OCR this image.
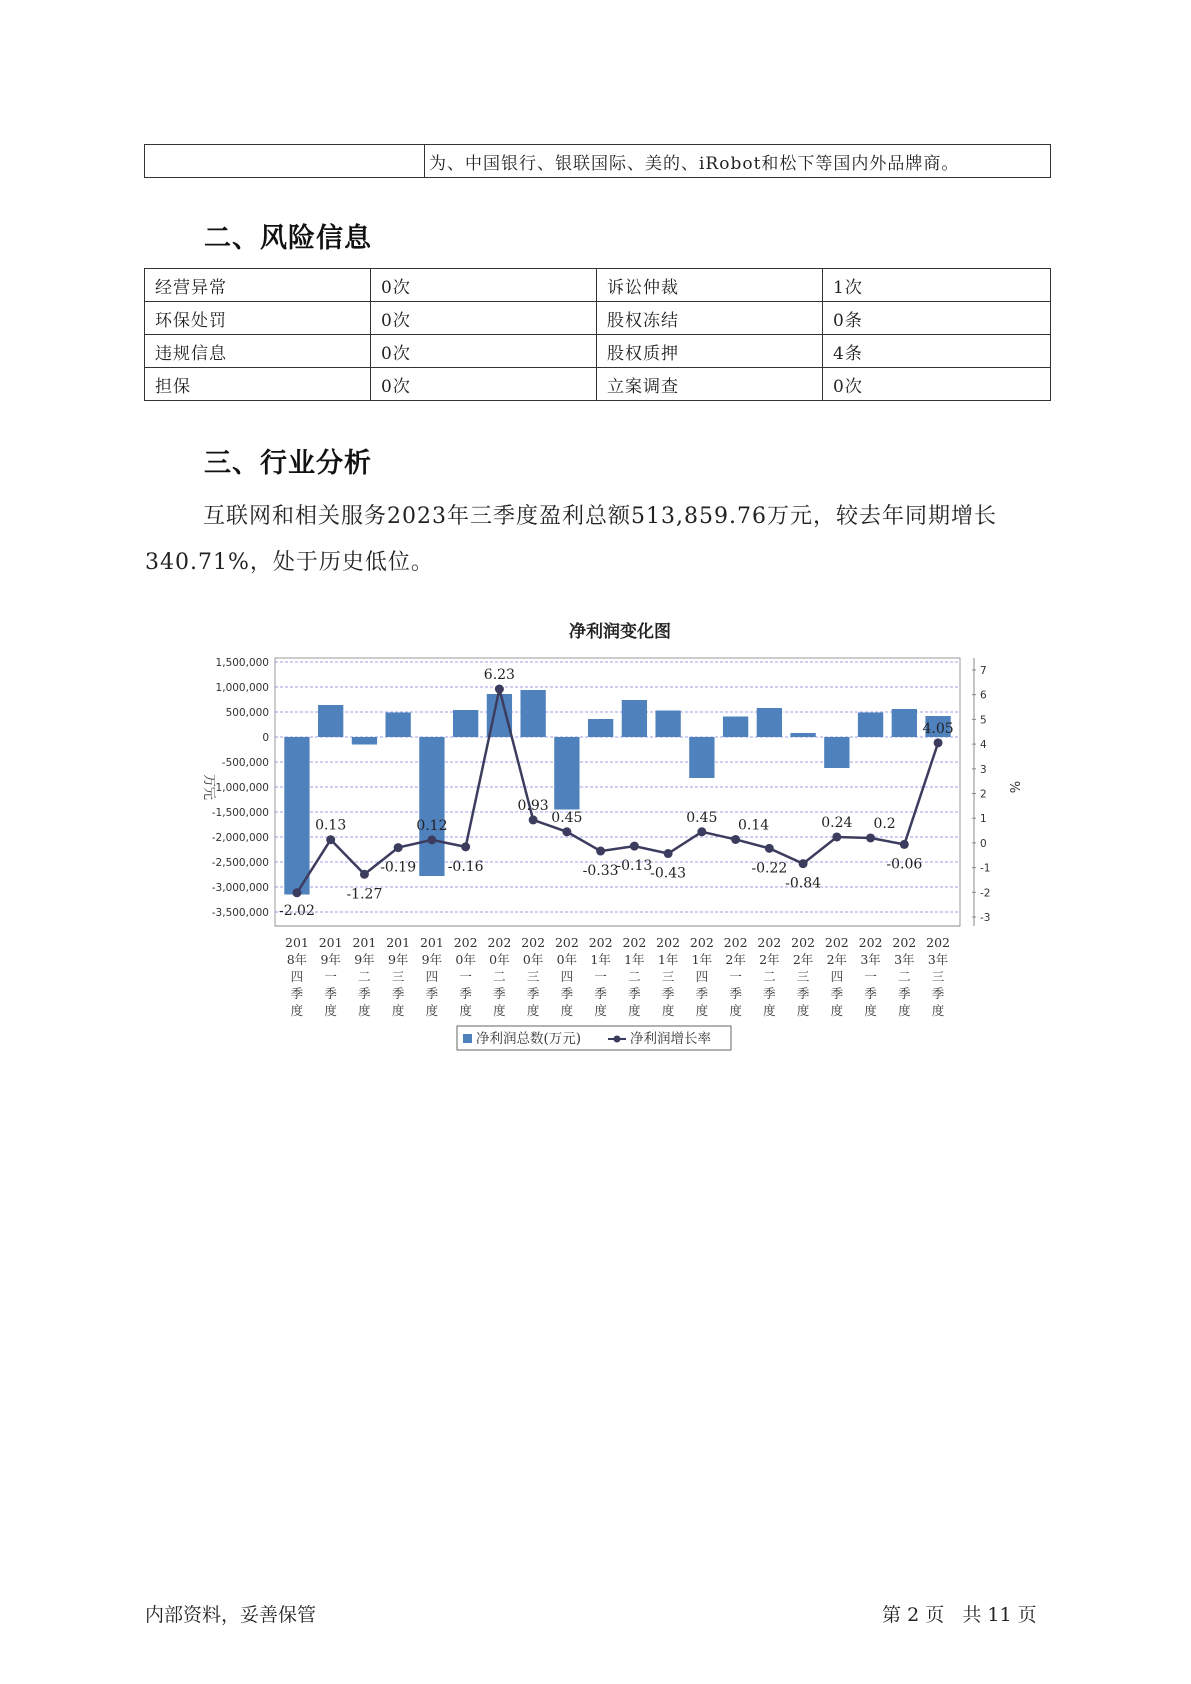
	为、中国银行、银联国际、美的、iRobot和松下等国内外品牌商。
二、风险信息
经营异常	0次	诉讼仲裁	1次
环保处罚	0次	股权冻结	0条
违规信息	0次	股权质押	4条
担保	0次	立案调查	0次
三、行业分析

互联网和相关服务2023年三季度盈利总额513,859.76万元，较去年同期增长340.71%，处于历史低位。

净利润变化图
1,500,000
1,000,000
500,000
0
-500,000
-1,000,000
-1,500,000
-2,000,000
-2,500,000
-3,000,000
-3,500,000
7
6
5
4
3
2
1
0
-1
-2
-3
万元	%
-2.02
0.13
-1.27
-0.19
0.12
-0.16
6.23
0.93
0.45
-0.33
-0.13
-0.43
0.45 0.14
-0.22
-0.84
0.24 0.2
-0.06
4.05
201
8年
四
季
度
201
9年
一
季
度
201
9年
二
季
度
201
9年
三
季
度
201
9年
四
季
度
202
0年
一
季
度
202
0年
二
季
度
202
0年
三
季
度
202
0年
四
季
度
202
1年
一
季
度
202
1年
二
季
度
202
1年
三
季
度
202
1年
四
季
度
202
2年
一
季
度
202
2年
二
季
度
202
2年
三
季
度
202
2年
四
季
度
202
3年
一
季
度
202
3年
二
季
度
202
3年
三
季
度
净利润总数(万元)	净利润增长率
内部资料，妥善保管	第 2 页 共 11 页
